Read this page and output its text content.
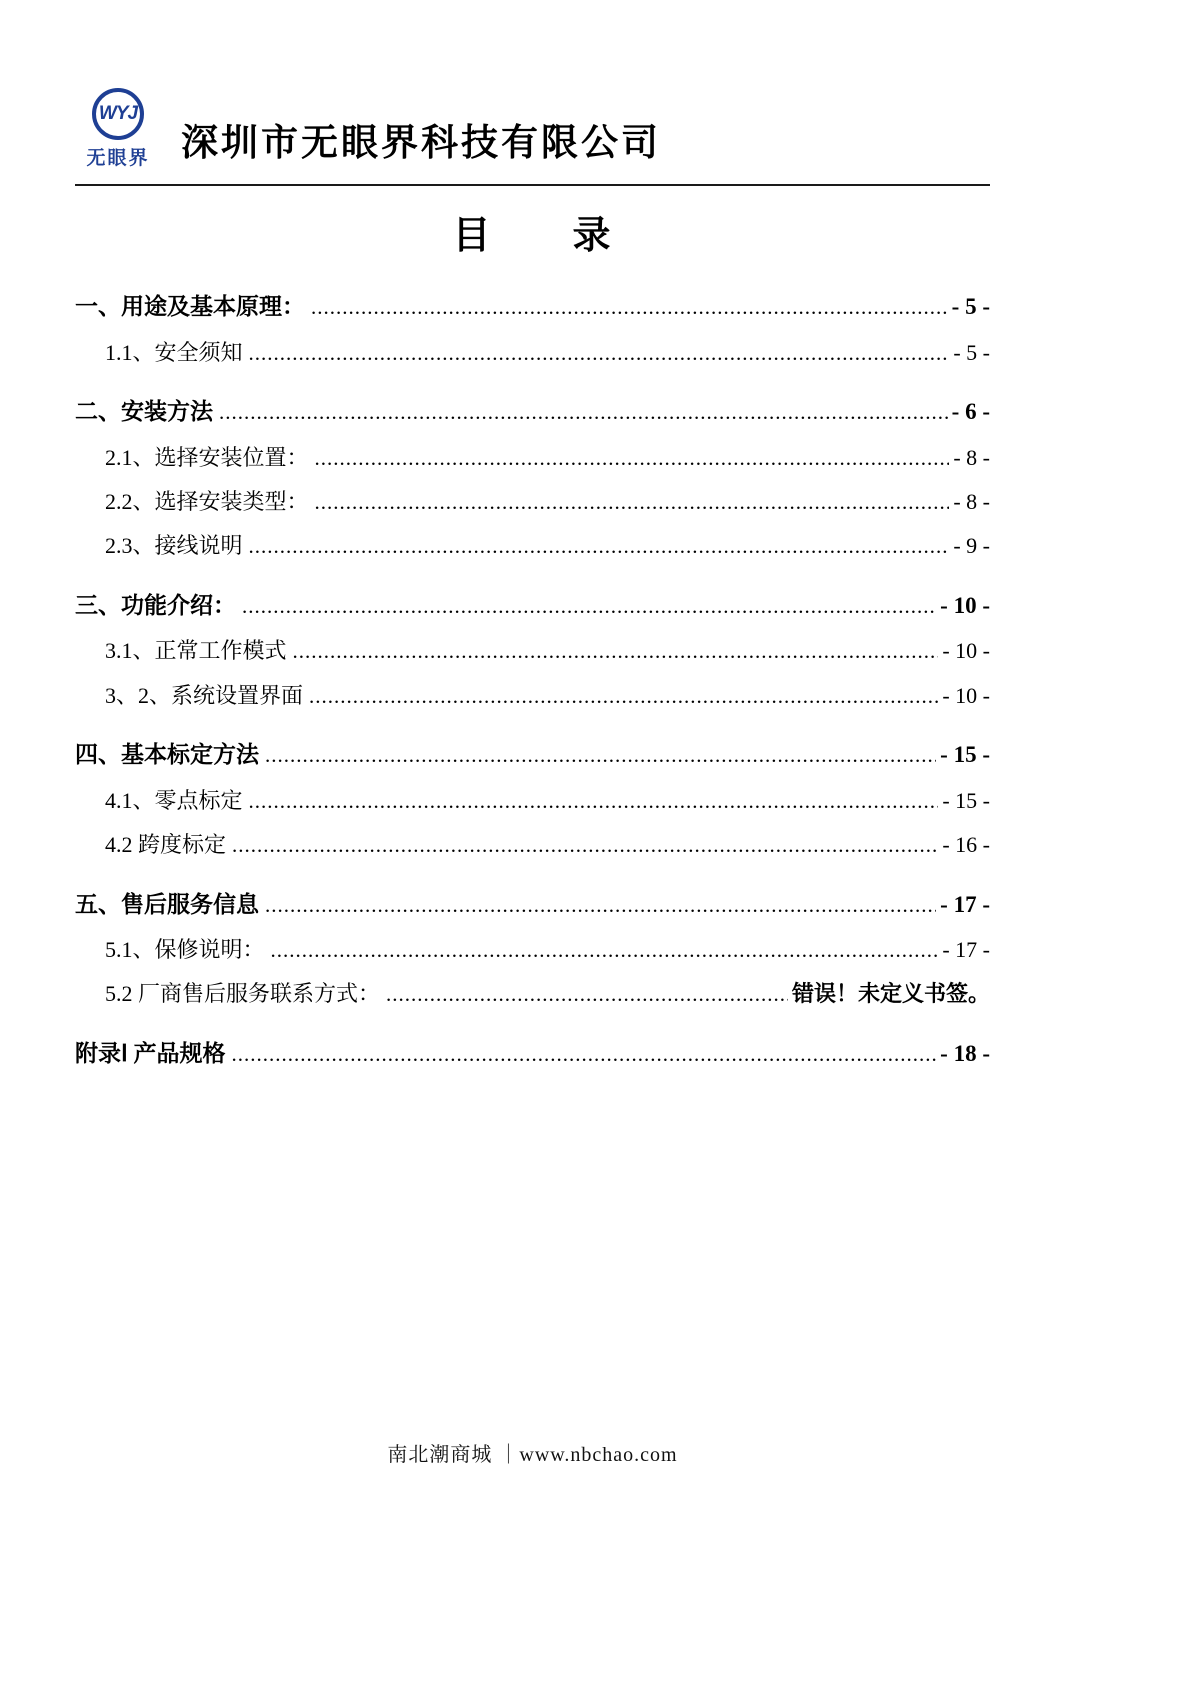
WYJ
无眼界 深圳市无眼界科技有限公司
目　　录
一、用途及基本原理： .....	- 5 -
1.1、安全须知 .....	- 5 -
二、安装方法 .....	- 6 -
2.1、选择安装位置： .....	- 8 -
2.2、选择安装类型： .....	- 8 -
2.3、接线说明 .....	- 9 -
三、功能介绍： .....	- 10 -
3.1、正常工作模式 .....	- 10 -
3、2、系统设置界面 .....	- 10 -
四、基本标定方法 .....	- 15 -
4.1、零点标定 .....	- 15 -
4.2 跨度标定 .....	- 16 -
五、售后服务信息 .....	- 17 -
5.1、保修说明： .....	- 17 -
5.2 厂商售后服务联系方式： .....	错误！未定义书签。
附录Ⅰ 产品规格 .....	- 18 -
南北潮商城 ｜www.nbchao.com
